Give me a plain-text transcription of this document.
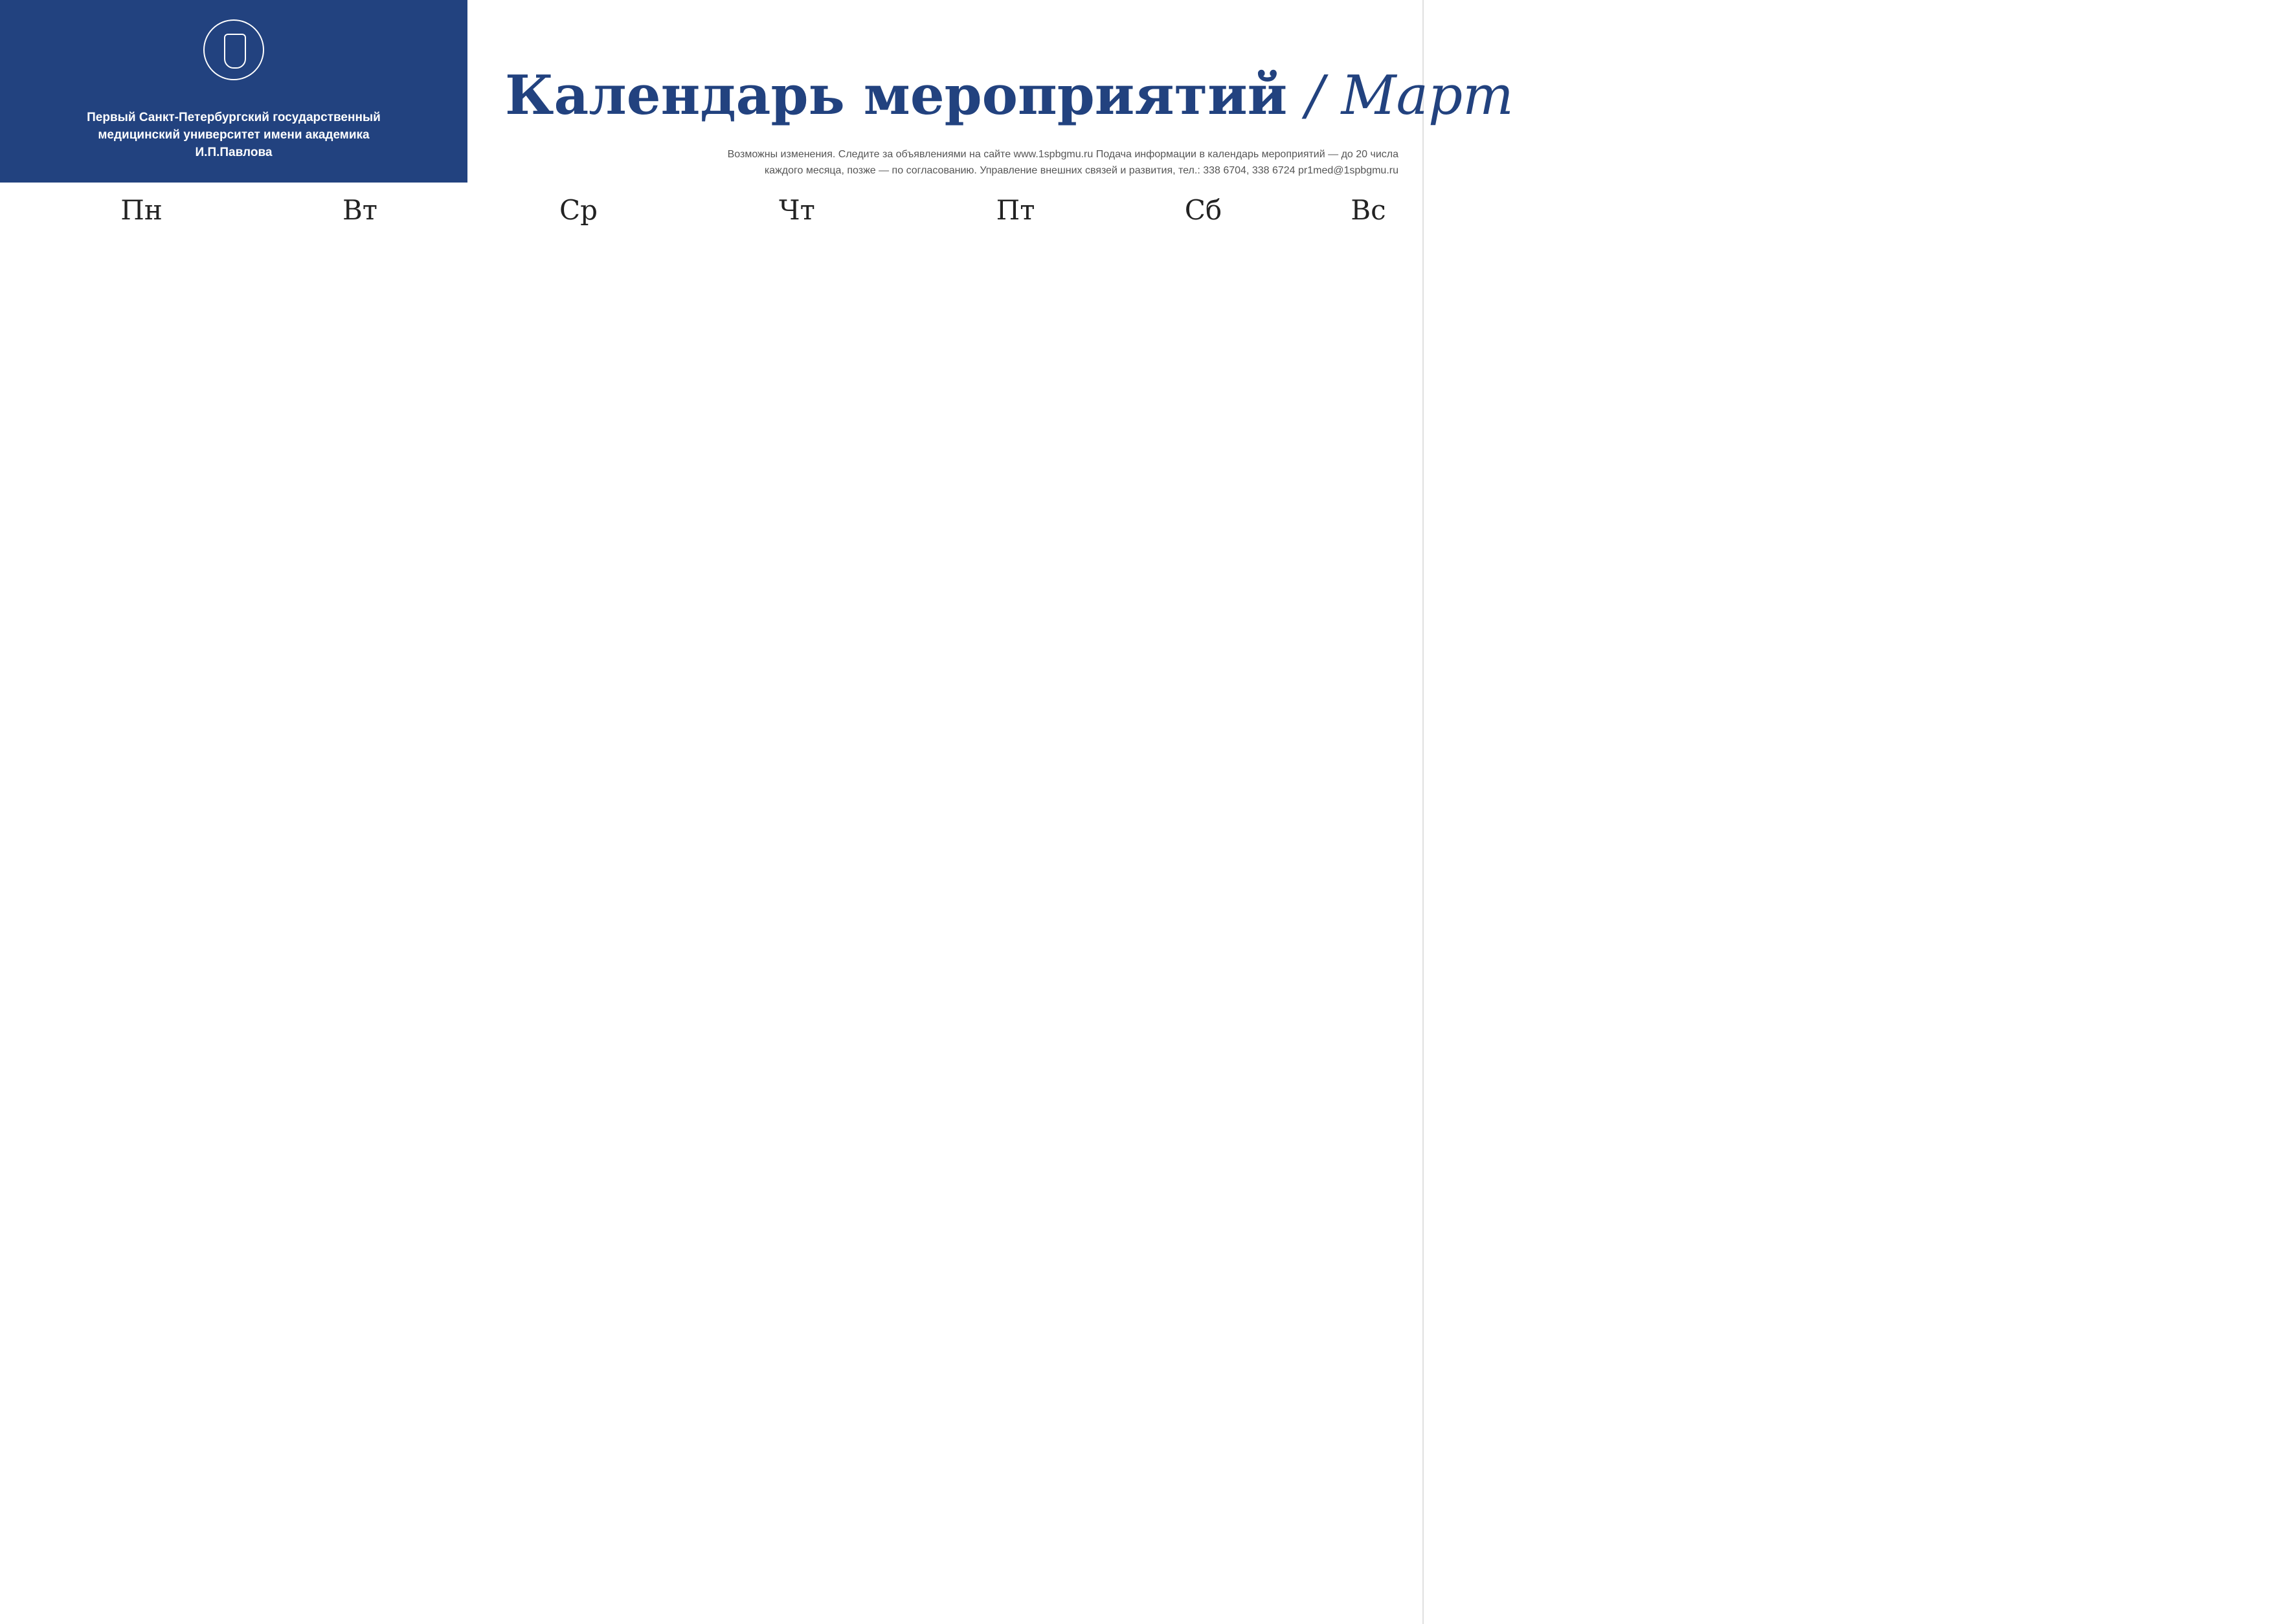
Первый Санкт-Петербургский государственный медицинский университет имени академика И.П.Павлова
Календарь мероприятий / Март
Возможны изменения. Следите за объявлениями на сайте www.1spbgmu.ru Подача информации в календарь мероприятий — до 20 числа каждого месяца, позже — по согласованию. Управление внешних связей и развития, тел.: 338 6704, 338 6724 pr1med@1spbgmu.ru
Пн	Вт	Ср	Чт	Пт	Сб	Вс
